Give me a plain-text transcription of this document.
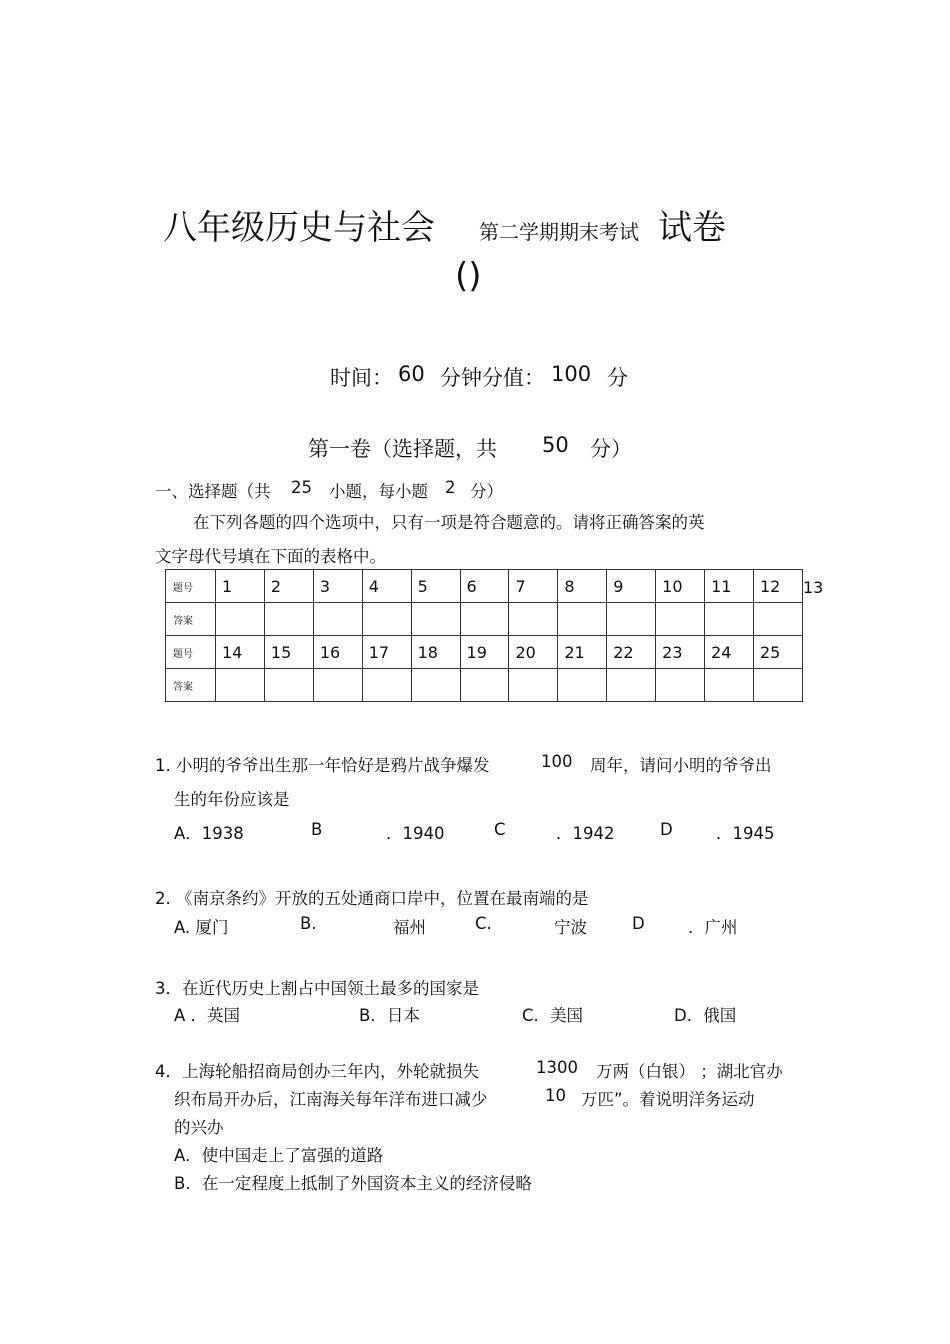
八年级历史与社会 第二学期期末考试 试卷
()
时间： 60 分钟分值： 100 分
第一卷（选择题，共 50 分）
一、选择题（共 25 小题，每小题 2 分）
在下列各题的四个选项中，只有一项是符合题意的。请将正确答案的英
文字母代号填在下面的表格中。
题号	1	2	3	4	5	6	7	8	9	10	11	12 13

答案												
题号	14	15	16	17	18	19	20	21	22	23	24	25
答案												
1. 小明的爷爷出生那一年恰好是鸦片战争爆发	100 周年，请问小明的爷爷出
生的年份应该是
A．1938	B	．1940	C	．1942	D	．1945
2. 《南京条约》开放的五处通商口岸中，位置在最南端的是
A. 厦门	B.	福州	C.	宁波	D	．广州
3．在近代历史上割占中国领土最多的国家是
A ．英国	B．日本	C．美国	D．俄国
4．上海轮船招商局创办三年内，外轮就损失	1300 万两（白银） ；湖北官办
织布局开办后，江南海关每年洋布进口减少	10 万匹”。着说明洋务运动
的兴办
A．使中国走上了富强的道路
B．在一定程度上抵制了外国资本主义的经济侵略
